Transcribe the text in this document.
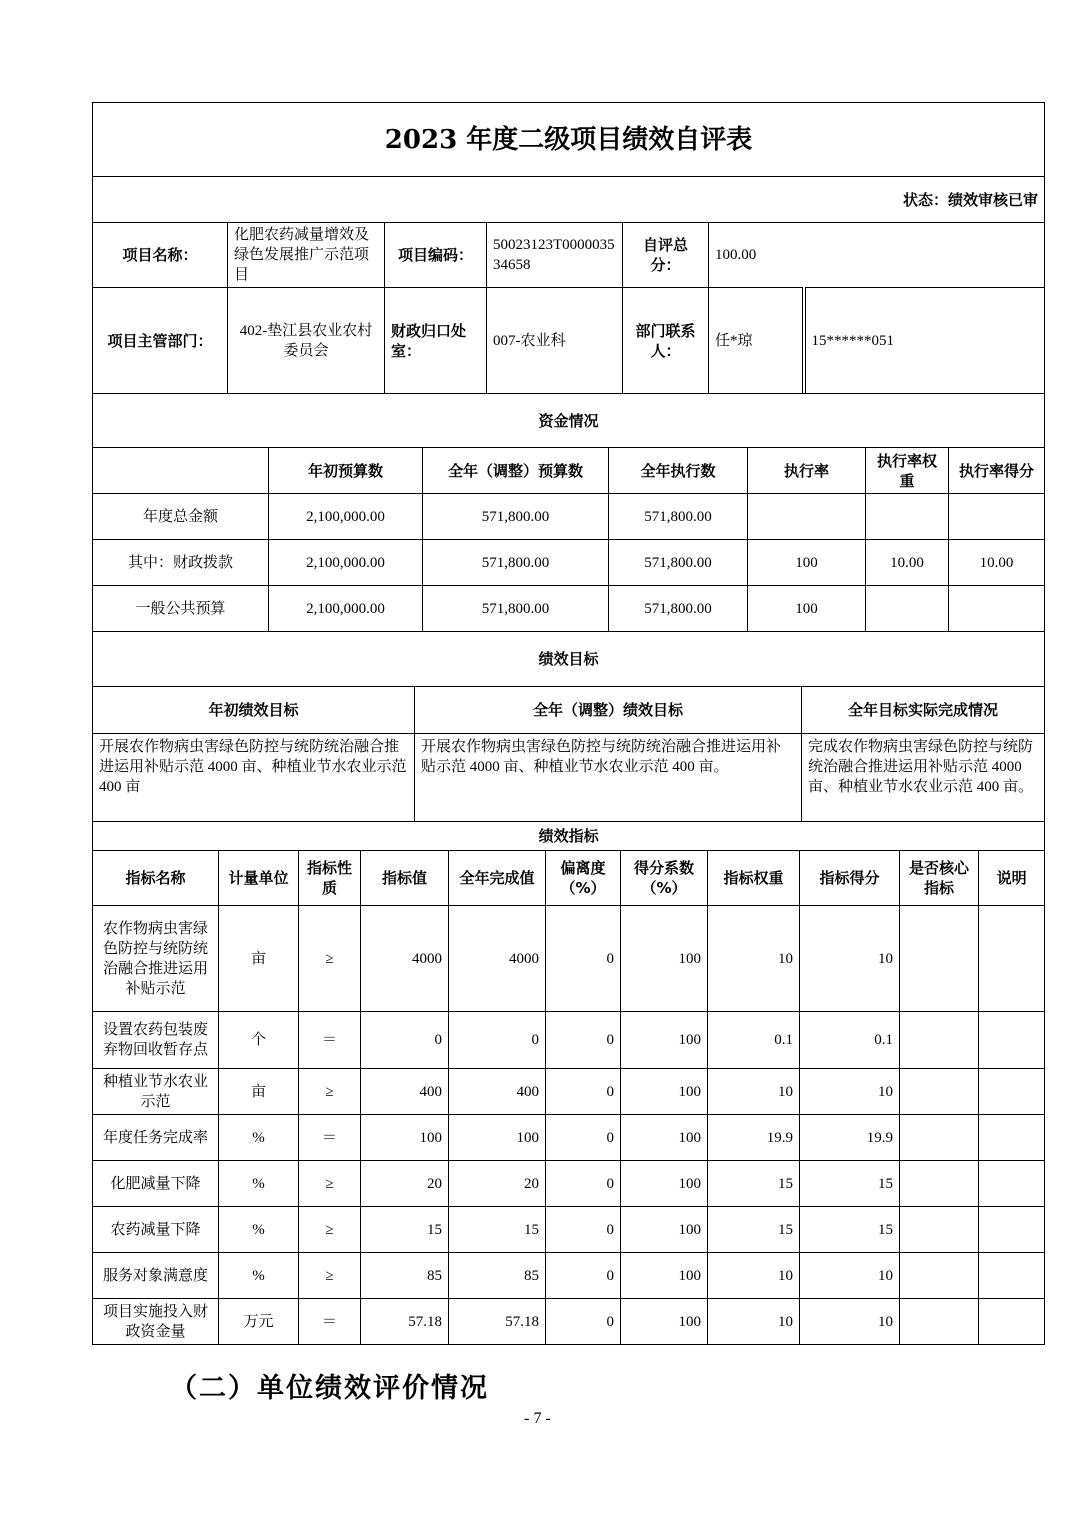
2023 年度二级项目绩效自评表						
状态：绩效审核已审						
项目名称：	化肥农药减量增效及绿色发展推广示范项目	项目编码：	50023123T000003534658	自评总分：	100.00	
项目主管部门：	402-垫江县农业农村委员会	财政归口处室：	007-农业科	部门联系人：	任*琼	15******051
资金情况						
	年初预算数	全年（调整）预算数	全年执行数	执行率	执行率权重	执行率得分
年度总金额	2,100,000.00	571,800.00	571,800.00			
其中：财政拨款	2,100,000.00	571,800.00	571,800.00	100	10.00	10.00
一般公共预算	2,100,000.00	571,800.00	571,800.00	100		
绩效目标		
年初绩效目标	全年（调整）绩效目标	全年目标实际完成情况
开展农作物病虫害绿色防控与统防统治融合推进运用补贴示范 4000 亩、种植业节水农业示范 400 亩	开展农作物病虫害绿色防控与统防统治融合推进运用补贴示范 4000 亩、种植业节水农业示范 400 亩。	完成农作物病虫害绿色防控与统防统治融合推进运用补贴示范 4000 亩、种植业节水农业示范 400 亩。
绩效指标										
指标名称	计量单位	指标性质	指标值	全年完成值	偏离度（%）	得分系数（%）	指标权重	指标得分	是否核心指标	说明
农作物病虫害绿色防控与统防统治融合推进运用补贴示范	亩	≥	4000	4000	0	100	10	10		
设置农药包装废弃物回收暂存点	个	＝	0	0	0	100	0.1	0.1		
种植业节水农业示范	亩	≥	400	400	0	100	10	10		
年度任务完成率	%	＝	100	100	0	100	19.9	19.9		
化肥减量下降	%	≥	20	20	0	100	15	15		
农药减量下降	%	≥	15	15	0	100	15	15		
服务对象满意度	%	≥	85	85	0	100	10	10		
项目实施投入财政资金量	万元	＝	57.18	57.18	0	100	10	10		
（二）单位绩效评价情况
- 7 -
